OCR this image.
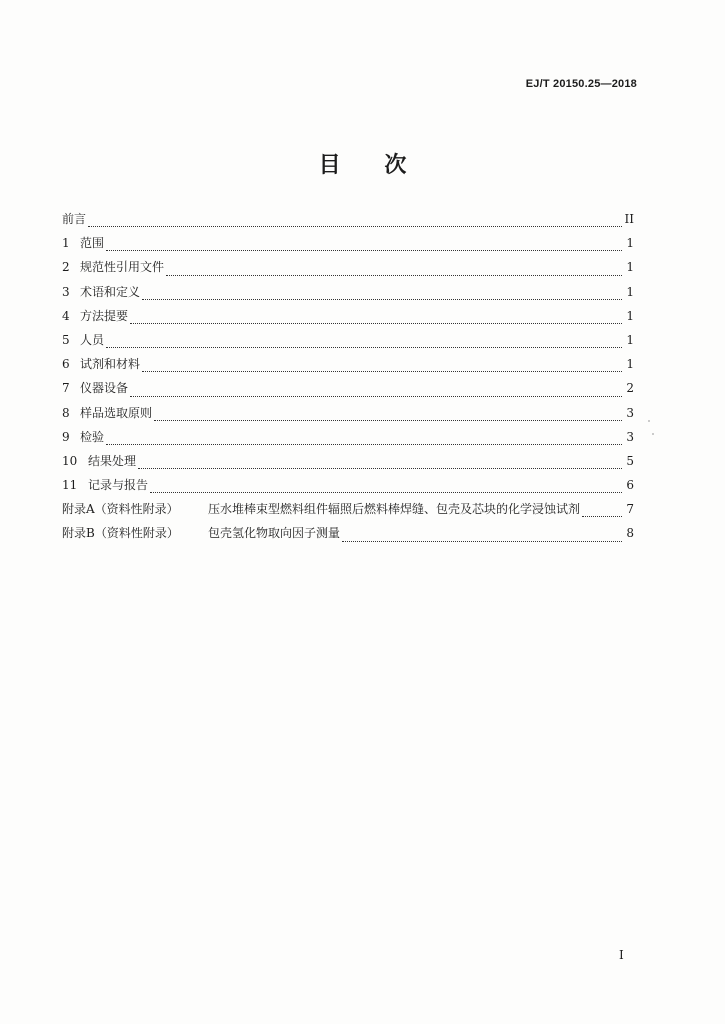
EJ/T 20150.25—2018
目 次
前言	II
1 范围	1
2 规范性引用文件	1
3 术语和定义	1
4 方法提要	1
5 人员	1
6 试剂和材料	1
7 仪器设备	2
8 样品选取原则	3
9 检验	3
10 结果处理	5
11 记录与报告	6
附录A（资料性附录）	压水堆棒束型燃料组件辐照后燃料棒焊缝、包壳及芯块的化学浸蚀试剂	7
附录B（资料性附录）	包壳氢化物取向因子测量	8
I
